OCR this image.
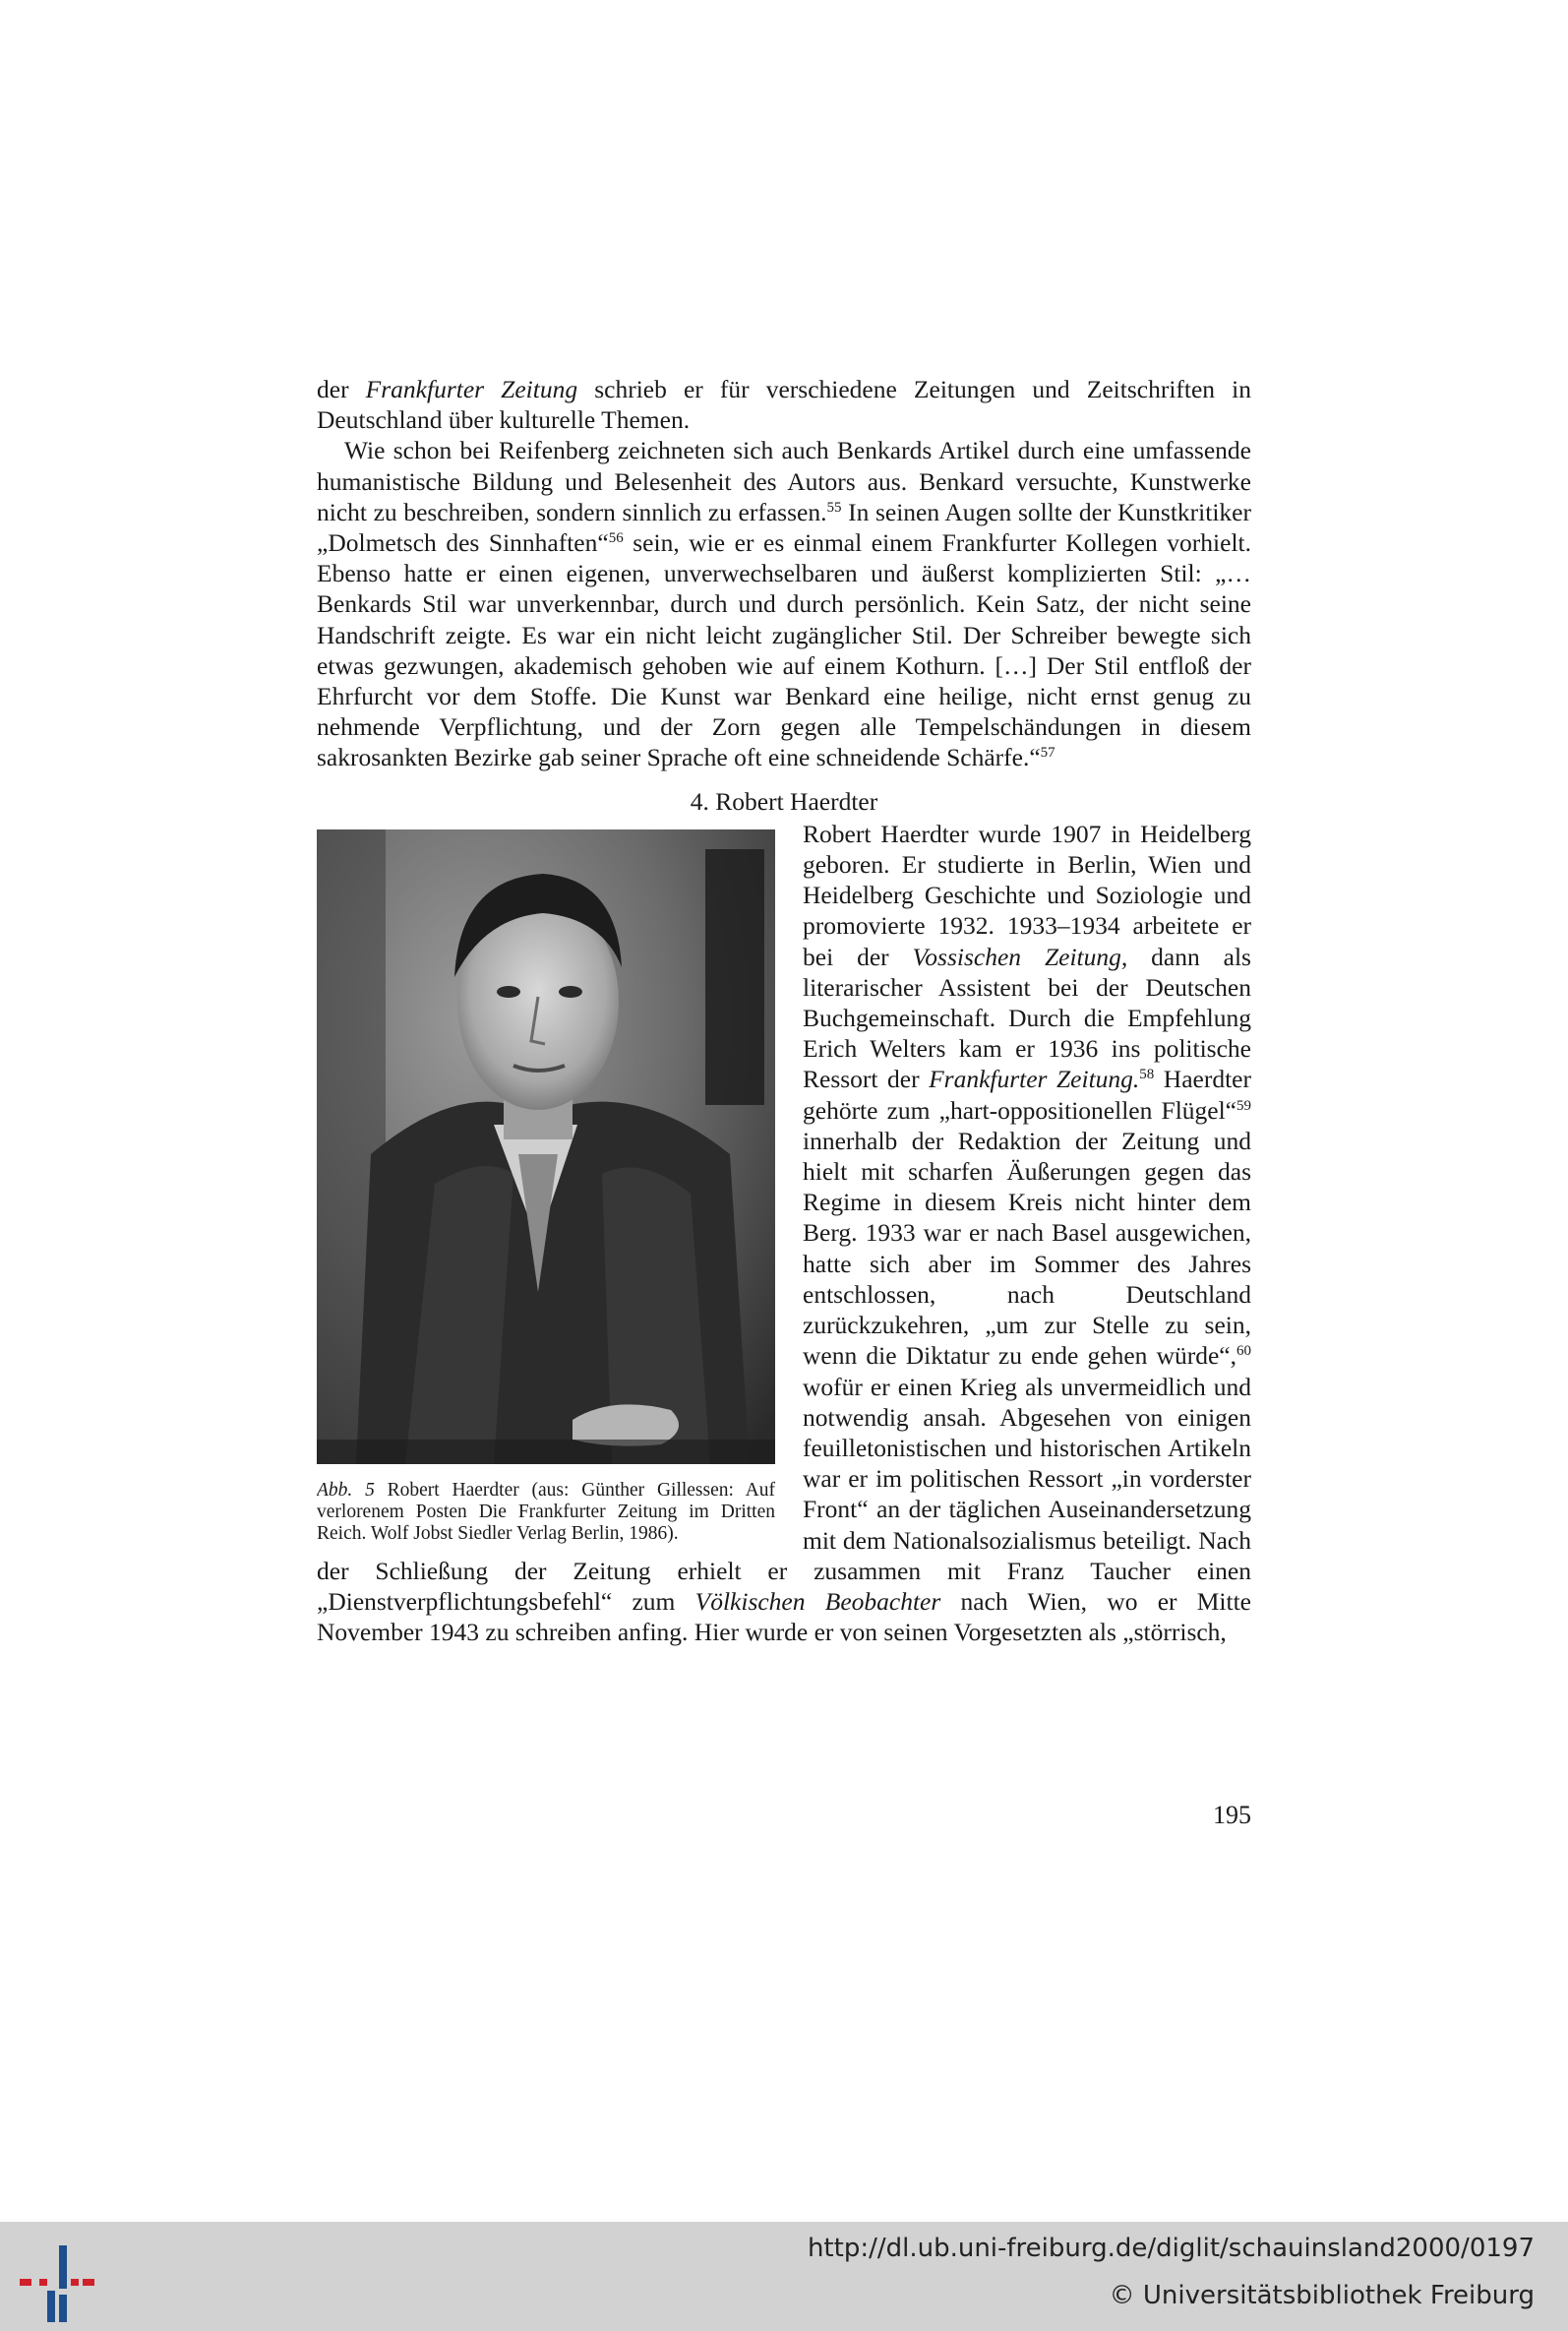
der Frankfurter Zeitung schrieb er für verschiedene Zeitungen und Zeitschriften in Deutschland über kulturelle Themen.

Wie schon bei Reifenberg zeichneten sich auch Benkards Artikel durch eine umfassende humanistische Bildung und Belesenheit des Autors aus. Benkard versuchte, Kunstwerke nicht zu beschreiben, sondern sinnlich zu erfassen.$^{55}$ In seinen Augen sollte der Kunstkritiker „Dolmetsch des Sinnhaften“$^{56}$ sein, wie er es einmal einem Frankfurter Kollegen vorhielt. Ebenso hatte er einen eigenen, unverwechselbaren und äußerst komplizierten Stil: „…Benkards Stil war unverkennbar, durch und durch persönlich. Kein Satz, der nicht seine Handschrift zeigte. Es war ein nicht leicht zugänglicher Stil. Der Schreiber bewegte sich etwas gezwungen, akademisch gehoben wie auf einem Kothurn. […] Der Stil entfloß der Ehrfurcht vor dem Stoffe. Die Kunst war Benkard eine heilige, nicht ernst genug zu nehmende Verpflichtung, und der Zorn gegen alle Tempelschändungen in diesem sakrosankten Bezirke gab seiner Sprache oft eine schneidende Schärfe.“$^{57}$

4. Robert Haerdter
Abb. 5 Robert Haerdter (aus: Günther Gillessen: Auf verlorenem Posten Die Frankfurter Zeitung im Dritten Reich. Wolf Jobst Siedler Verlag Berlin, 1986).

Robert Haerdter wurde 1907 in Heidelberg geboren. Er studierte in Berlin, Wien und Heidelberg Geschichte und Soziologie und promovierte 1932. 1933–1934 arbeitete er bei der Vossischen Zeitung, dann als literarischer Assistent bei der Deutschen Buchgemeinschaft. Durch die Empfehlung Erich Welters kam er 1936 ins politische Ressort der Frankfurter Zeitung.$^{58}$ Haerdter gehörte zum „hart-oppositionellen Flügel“$^{59}$ innerhalb der Redaktion der Zeitung und hielt mit scharfen Äußerungen gegen das Regime in diesem Kreis nicht hinter dem Berg. 1933 war er nach Basel ausgewichen, hatte sich aber im Sommer des Jahres entschlossen, nach Deutschland zurückzukehren, „um zur Stelle zu sein, wenn die Diktatur zu ende gehen würde“,$^{60}$ wofür er einen Krieg als unvermeidlich und notwendig ansah. Abgesehen von einigen feuilletonistischen und historischen Artikeln war er im politischen Ressort „in vorderster Front“ an der täglichen Auseinandersetzung mit dem Nationalsozialismus beteiligt. Nach der Schließung der Zeitung erhielt er zusammen mit Franz Taucher einen „Dienstverpflichtungsbefehl“ zum Völkischen Beobachter nach Wien, wo er Mitte November 1943 zu schreiben anfing. Hier wurde er von seinen Vorgesetzten als „störrisch,

195
http://dl.ub.uni-freiburg.de/diglit/schauinsland2000/0197
© Universitätsbibliothek Freiburg
